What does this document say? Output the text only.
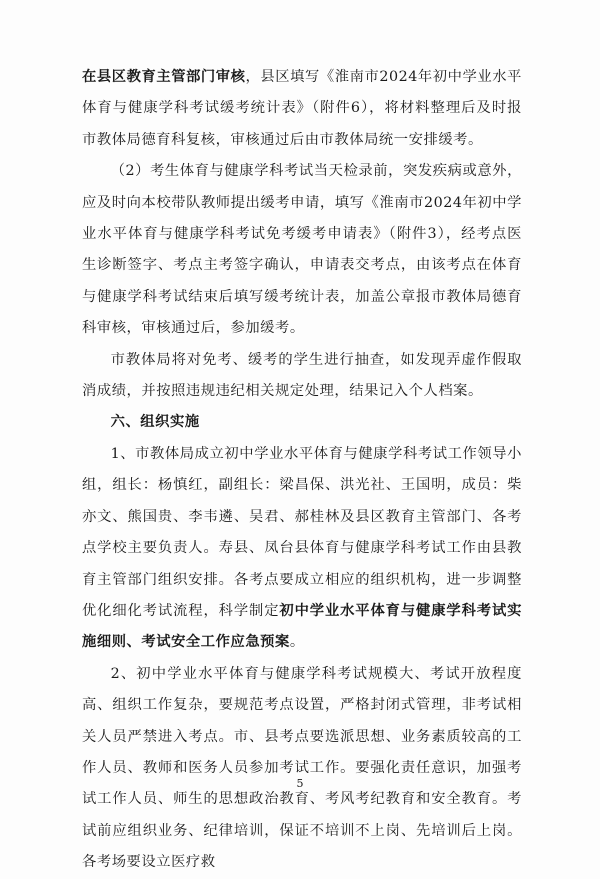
在县区教育主管部门审核，县区填写《淮南市2024年初中学业水平体育与健康学科考试缓考统计表》（附件6），将材料整理后及时报市教体局德育科复核，审核通过后由市教体局统一安排缓考。

（2）考生体育与健康学科考试当天检录前，突发疾病或意外，应及时向本校带队教师提出缓考申请，填写《淮南市2024年初中学业水平体育与健康学科考试免考缓考申请表》（附件3），经考点医生诊断签字、考点主考签字确认，申请表交考点，由该考点在体育与健康学科考试结束后填写缓考统计表，加盖公章报市教体局德育科审核，审核通过后，参加缓考。

市教体局将对免考、缓考的学生进行抽查，如发现弄虚作假取消成绩，并按照违规违纪相关规定处理，结果记入个人档案。

六、组织实施

1、市教体局成立初中学业水平体育与健康学科考试工作领导小组，组长：杨慎红，副组长：梁昌保、洪光社、王国明，成员：柴亦文、熊国贵、李韦遴、吴君、郝桂林及县区教育主管部门、各考点学校主要负责人。寿县、凤台县体育与健康学科考试工作由县教育主管部门组织安排。各考点要成立相应的组织机构，进一步调整优化细化考试流程，科学制定初中学业水平体育与健康学科考试实施细则、考试安全工作应急预案。

2、初中学业水平体育与健康学科考试规模大、考试开放程度高、组织工作复杂，要规范考点设置，严格封闭式管理，非考试相关人员严禁进入考点。市、县考点要选派思想、业务素质较高的工作人员、教师和医务人员参加考试工作。要强化责任意识，加强考试工作人员、师生的思想政治教育、考风考纪教育和安全教育。考试前应组织业务、纪律培训，保证不培训不上岗、先培训后上岗。各考场要设立医疗救

5
